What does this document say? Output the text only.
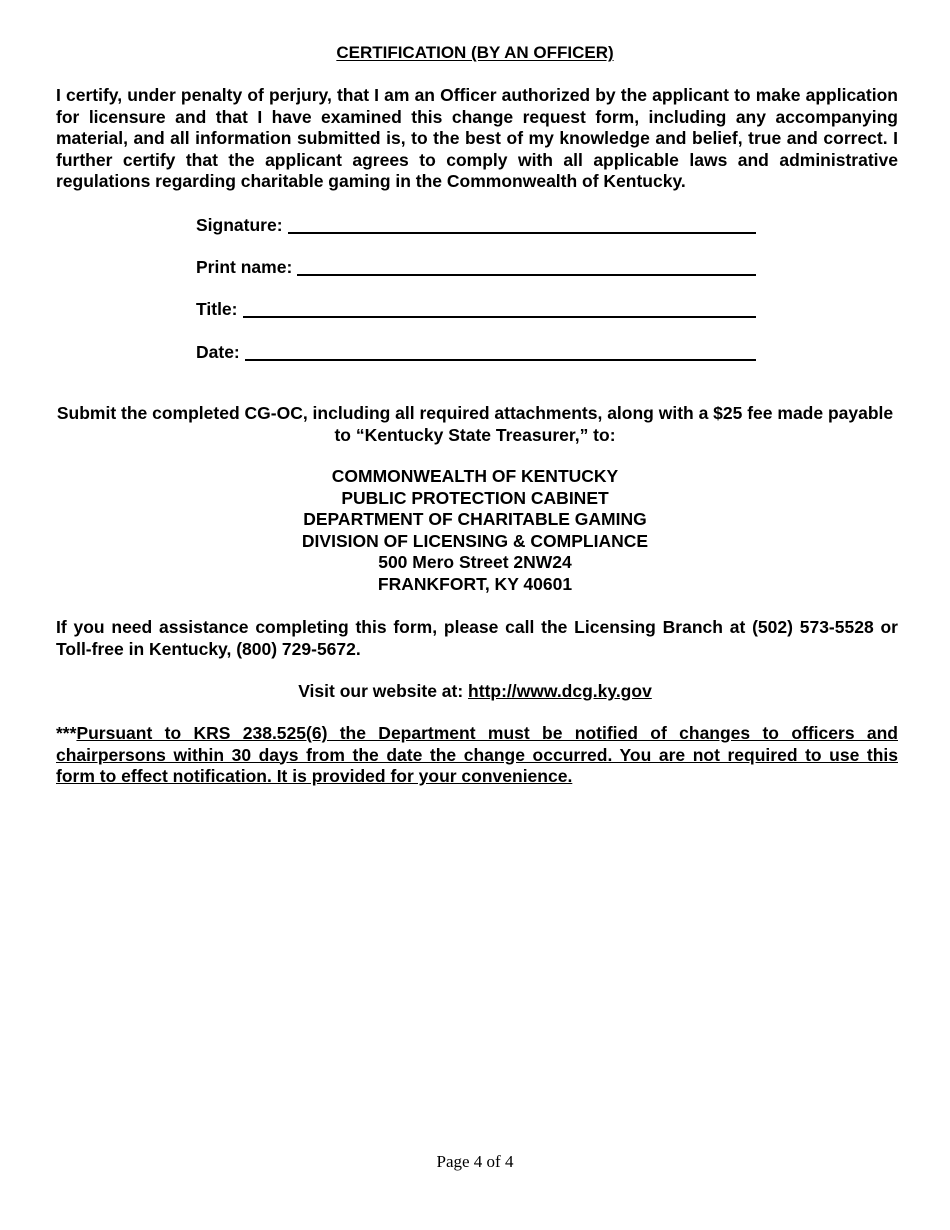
CERTIFICATION (BY AN OFFICER)
I certify, under penalty of perjury, that I am an Officer authorized by the applicant to make application for licensure and that I have examined this change request form, including any accompanying material, and all information submitted is, to the best of my knowledge and belief, true and correct. I further certify that the applicant agrees to comply with all applicable laws and administrative regulations regarding charitable gaming in the Commonwealth of Kentucky.
Signature:
Print name:
Title:
Date:
Submit the completed CG-OC, including all required attachments, along with a $25 fee made payable to “Kentucky State Treasurer,” to:
COMMONWEALTH OF KENTUCKY
PUBLIC PROTECTION CABINET
DEPARTMENT OF CHARITABLE GAMING
DIVISION OF LICENSING & COMPLIANCE
500 Mero Street 2NW24
FRANKFORT, KY 40601
If you need assistance completing this form, please call the Licensing Branch at (502) 573-5528 or Toll-free in Kentucky, (800) 729-5672.
Visit our website at: http://www.dcg.ky.gov
***Pursuant to KRS 238.525(6) the Department must be notified of changes to officers and chairpersons within 30 days from the date the change occurred. You are not required to use this form to effect notification. It is provided for your convenience.
Page 4 of 4
